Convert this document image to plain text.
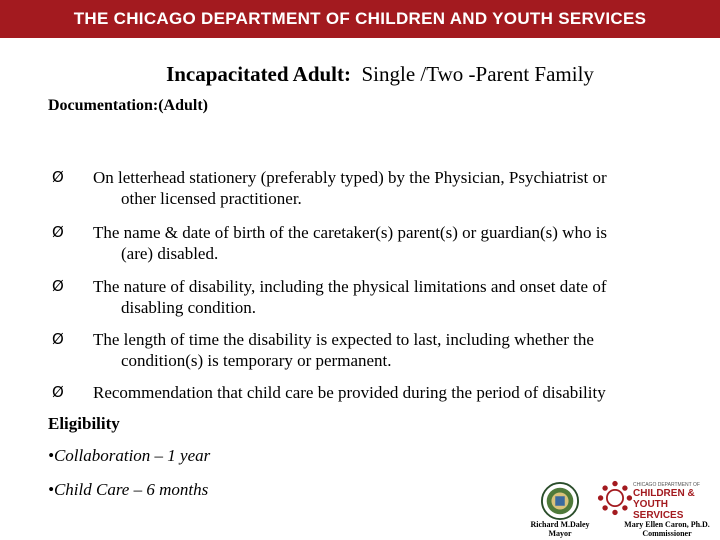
THE CHICAGO DEPARTMENT OF CHILDREN AND YOUTH SERVICES
Incapacitated Adult: Single /Two -Parent Family
Documentation:(Adult)
Ø On letterhead stationery (preferably typed) by the Physician, Psychiatrist or
other licensed practitioner.
Ø The name & date of birth of the caretaker(s) parent(s) or guardian(s) who is
(are) disabled.
Ø The nature of disability, including the physical limitations and onset date of
disabling condition.
Ø The length of time the disability is expected to last, including whether the
condition(s) is temporary or permanent.
Ø Recommendation that child care be provided during the period of disability
Eligibility
•Collaboration – 1 year
•Child Care – 6 months
Richard M.Daley
Mayor
CHICAGO DEPARTMENT OF
CHILDREN &
YOUTH SERVICES
Mary Ellen Caron, Ph.D.
Commissioner
